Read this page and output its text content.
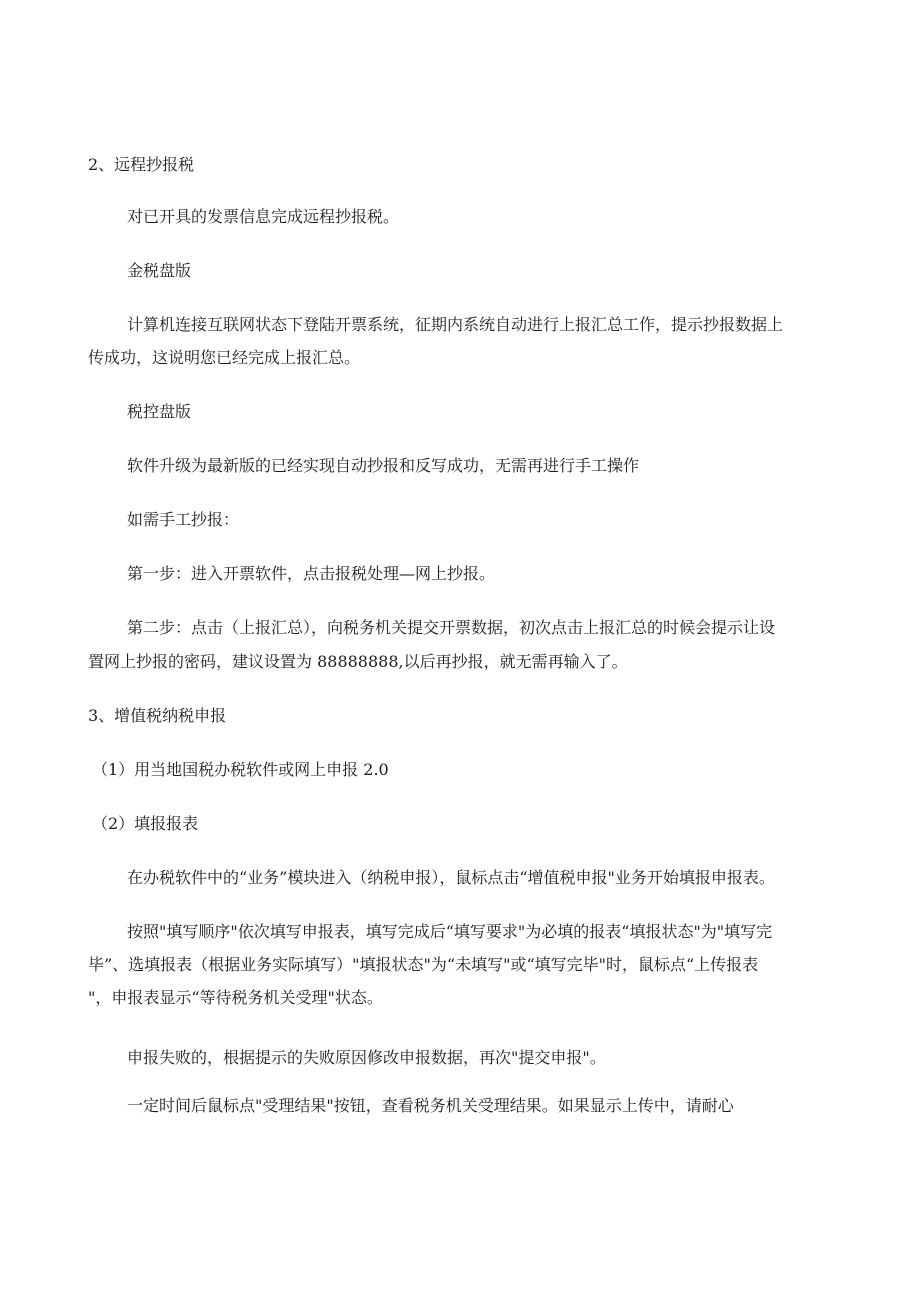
2、远程抄报税
对已开具的发票信息完成远程抄报税。
金税盘版
计算机连接互联网状态下登陆开票系统，征期内系统自动进行上报汇总工作，提示抄报数据上
传成功，这说明您已经完成上报汇总。
税控盘版
软件升级为最新版的已经实现自动抄报和反写成功，无需再进行手工操作
如需手工抄报：
第一步：进入开票软件，点击报税处理—网上抄报。
第二步：点击（上报汇总），向税务机关提交开票数据，初次点击上报汇总的时候会提示让设
置网上抄报的密码，建议设置为 88888888,以后再抄报，就无需再输入了。
3、增值税纳税申报
（1）用当地国税办税软件或网上申报 2.0
（2）填报报表
在办税软件中的“业务”模块进入（纳税申报），鼠标点击“增值税申报"业务开始填报申报表。
按照"填写顺序"依次填写申报表，填写完成后“填写要求"为必填的报表“填报状态"为"填写完
毕”、选填报表（根据业务实际填写）"填报状态"为“未填写"或“填写完毕"时，鼠标点“上传报表
"，申报表显示“等待税务机关受理"状态。
申报失败的，根据提示的失败原因修改申报数据，再次"提交申报"。
一定时间后鼠标点"受理结果"按钮，查看税务机关受理结果。如果显示上传中，请耐心
